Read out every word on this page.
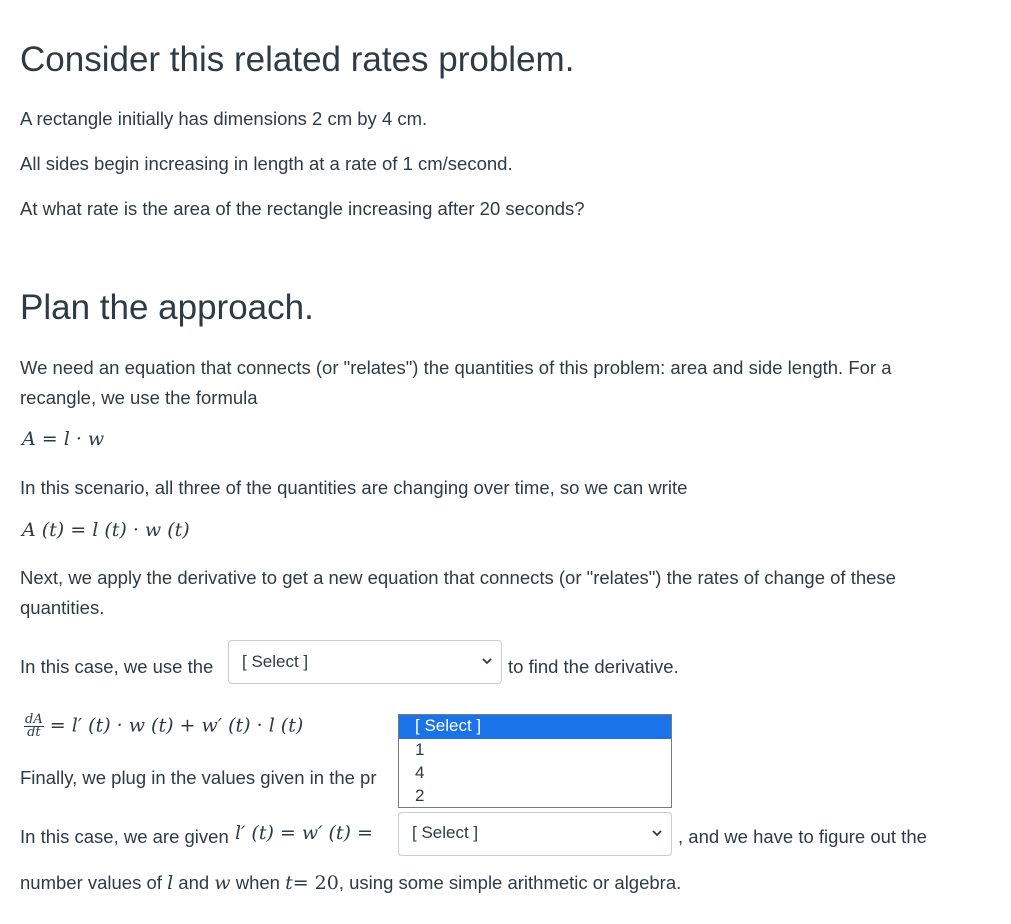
Consider this related rates problem.
A rectangle initially has dimensions 2 cm by 4 cm.
All sides begin increasing in length at a rate of 1 cm/second.
At what rate is the area of the rectangle increasing after 20 seconds?
Plan the approach.
We need an equation that connects (or "relates") the quantities of this problem: area and side length. For a
recangle, we use the formula
A = l · w
In this scenario, all three of the quantities are changing over time, so we can write
A (t) = l (t) · w (t)
Next, we apply the derivative to get a new equation that connects (or "relates") the rates of change of these
quantities.
In this case, we use the [ Select ]	to find the derivative.
$\frac{dA}{dt} = l'$ (t) · w (t) + w′ (t) · l (t)
Finally, we plug in the values given in the pr
[ Select ]
1
4
2
In this case, we are given l′ (t) = w′ (t) = [ Select ]	, and we have to figure out the
number values of l and w when t= 20, using some simple arithmetic or algebra.
